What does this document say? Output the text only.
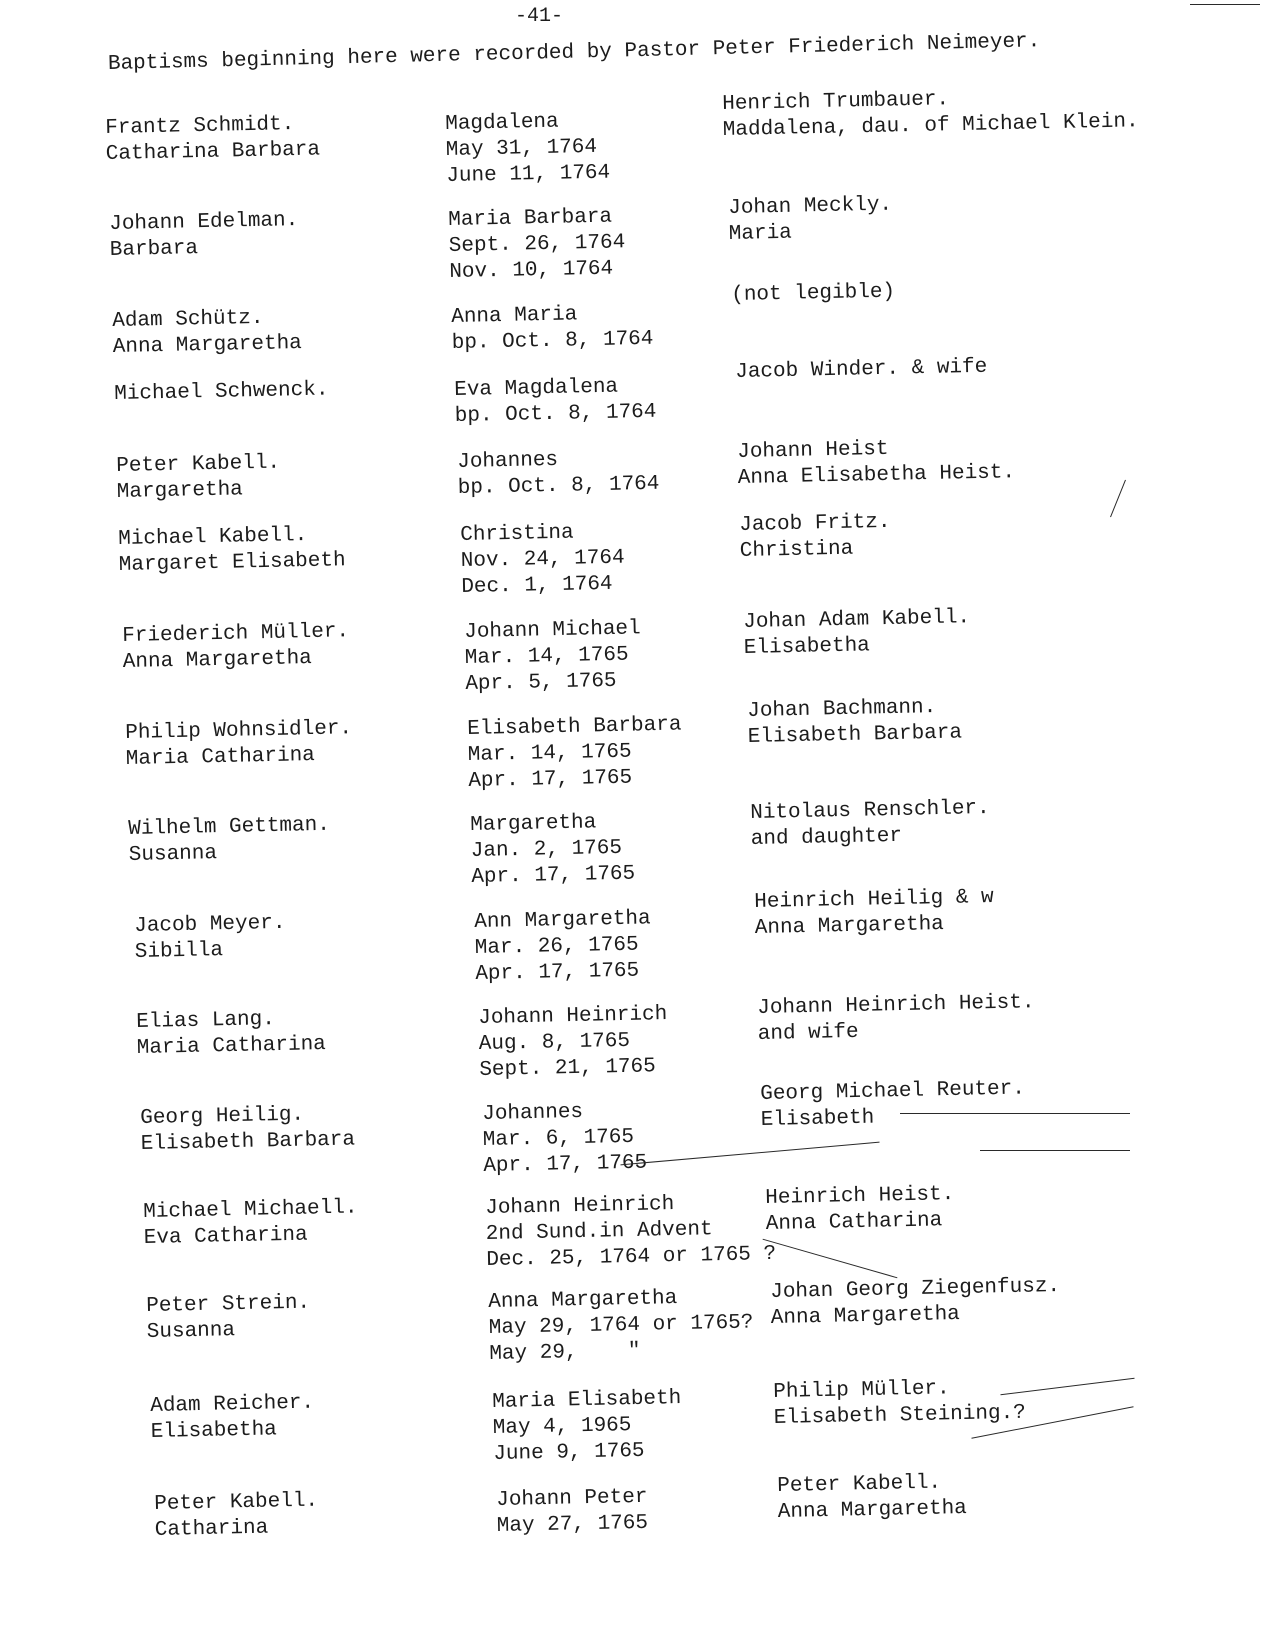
-41-
Baptisms beginning here were recorded by Pastor Peter Friederich Neimeyer.
Frantz Schmidt.
Catharina Barbara
Magdalena
May 31, 1764
June 11, 1764
Henrich Trumbauer.
Maddalena, dau. of Michael Klein.
Johann Edelman.
Barbara
Maria Barbara
Sept. 26, 1764
Nov. 10, 1764
Johan Meckly.
Maria
Adam Schütz.
Anna Margaretha
Anna Maria
bp. Oct. 8, 1764
(not legible)
Michael Schwenck.	Eva Magdalena
bp. Oct. 8, 1764
Jacob Winder. & wife
Peter Kabell.
Margaretha
Johannes
bp. Oct. 8, 1764
Johann Heist
Anna Elisabetha Heist.
Michael Kabell.
Margaret Elisabeth
Christina
Nov. 24, 1764
Dec. 1, 1764
Jacob Fritz.
Christina
Friederich Müller.
Anna Margaretha
Johann Michael
Mar. 14, 1765
Apr. 5, 1765
Johan Adam Kabell.
Elisabetha
Philip Wohnsidler.
Maria Catharina
Elisabeth Barbara
Mar. 14, 1765
Apr. 17, 1765
Johan Bachmann.
Elisabeth Barbara
Wilhelm Gettman.
Susanna
Margaretha
Jan. 2, 1765
Apr. 17, 1765
Nitolaus Renschler.
and daughter
Jacob Meyer.
Sibilla
Ann Margaretha
Mar. 26, 1765
Apr. 17, 1765
Heinrich Heilig & w
Anna Margaretha
Elias Lang.
Maria Catharina
Johann Heinrich
Aug. 8, 1765
Sept. 21, 1765
Johann Heinrich Heist.
and wife
Georg Heilig.
Elisabeth Barbara
Johannes
Mar. 6, 1765
Apr. 17, 1765
Georg Michael Reuter.
Elisabeth
Michael Michaell.
Eva Catharina
Johann Heinrich
2nd Sund.in Advent
Dec. 25, 1764 or 1765 ?
Heinrich Heist.
Anna Catharina
Peter Strein.
Susanna
Anna Margaretha
May 29, 1764 or 1765?
May 29,    "
Johan Georg Ziegenfusz.
Anna Margaretha
Adam Reicher.
Elisabetha
Maria Elisabeth
May 4, 1965
June 9, 1765
Philip Müller.
Elisabeth Steining.?
Peter Kabell.
Catharina
Johann Peter
May 27, 1765
Peter Kabell.
Anna Margaretha
